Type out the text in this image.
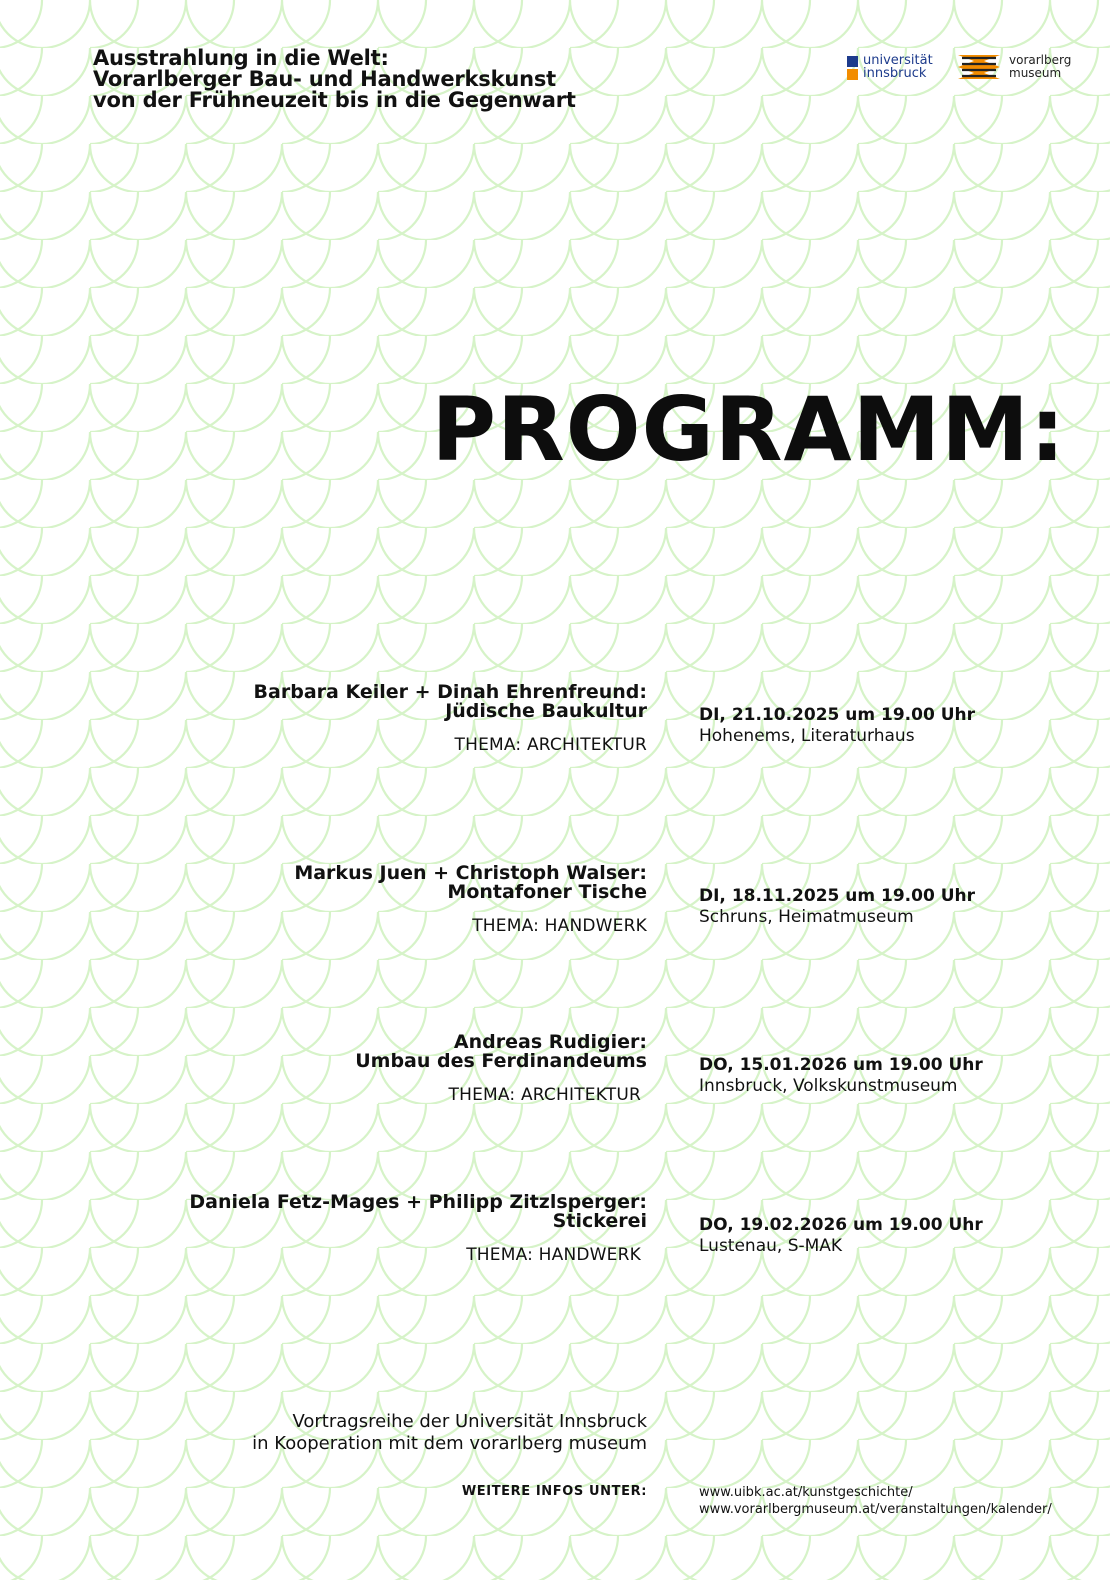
Ausstrahlung in die Welt:
Vorarlberger Bau- und Handwerkskunst
von der Frühneuzeit bis in die Gegenwart
universität
innsbruck
vorarlberg
museum
PROGRAMM:

Barbara Keiler + Dinah Ehrenfreund:
Jüdische Baukultur

THEMA: ARCHITEKTUR
DI, 21.10.2025 um 19.00 Uhr
Hohenems, Literaturhaus

Markus Juen + Christoph Walser:
Montafoner Tische

THEMA: HANDWERK
DI, 18.11.2025 um 19.00 Uhr
Schruns, Heimatmuseum

Andreas Rudigier:
Umbau des Ferdinandeums

THEMA: ARCHITEKTUR
DO, 15.01.2026 um 19.00 Uhr
Innsbruck, Volkskunstmuseum

Daniela Fetz-Mages + Philipp Zitzlsperger:
Stickerei

THEMA: HANDWERK
DO, 19.02.2026 um 19.00 Uhr
Lustenau, S-MAK
Vortragsreihe der Universität Innsbruck
in Kooperation mit dem vorarlberg museum
WEITERE INFOS UNTER:	www.uibk.ac.at/kunstgeschichte/
www.vorarlbergmuseum.at/veranstaltungen/kalender/
